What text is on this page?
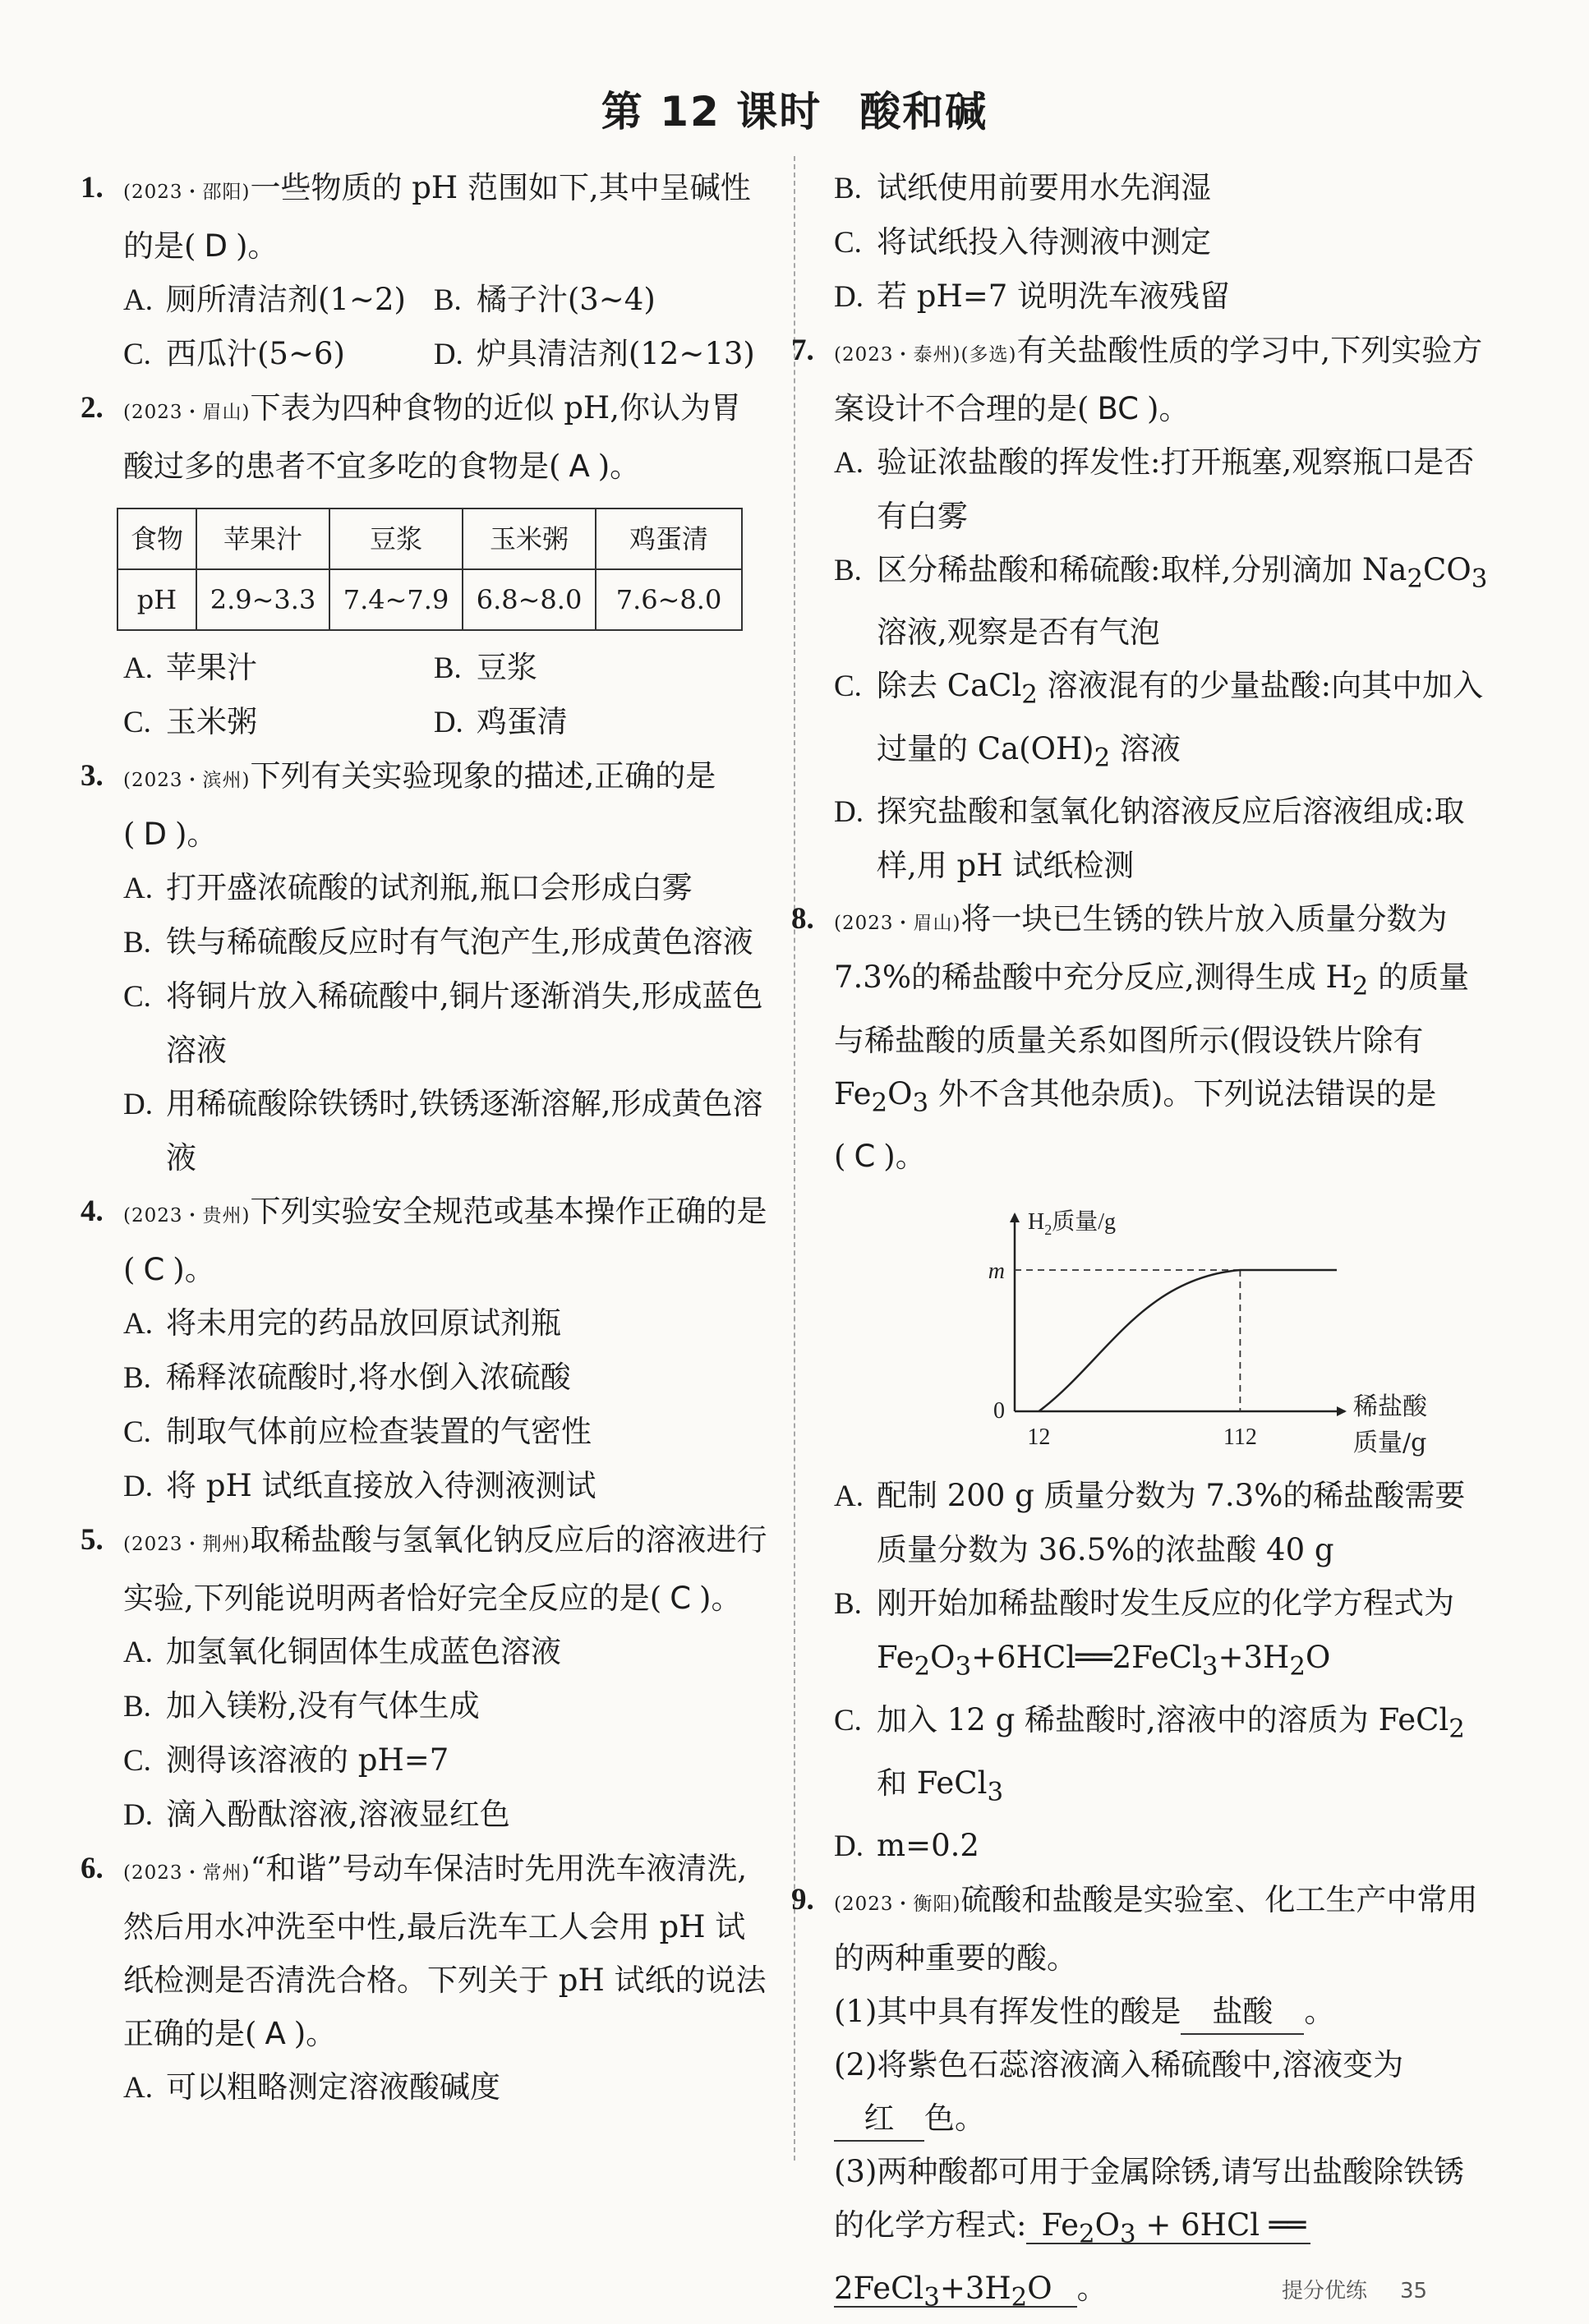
第 12 课时 酸和碱
1. (2023・邵阳)一些物质的 pH 范围如下,其中呈碱性的是( D )。
A. 厕所清洁剂(1~2) B. 橘子汁(3~4)
C. 西瓜汁(5~6)	D. 炉具清洁剂(12~13)
2. (2023・眉山)下表为四种食物的近似 pH,你认为胃酸过多的患者不宜多吃的食物是( A )。
食物	苹果汁	豆浆	玉米粥	鸡蛋清
pH	2.9~3.3	7.4~7.9	6.8~8.0	7.6~8.0
A. 苹果汁	B. 豆浆
C. 玉米粥	D. 鸡蛋清
3. (2023・滨州)下列有关实验现象的描述,正确的是( D )。
A. 打开盛浓硫酸的试剂瓶,瓶口会形成白雾
B. 铁与稀硫酸反应时有气泡产生,形成黄色溶液
C. 将铜片放入稀硫酸中,铜片逐渐消失,形成蓝色溶液
D. 用稀硫酸除铁锈时,铁锈逐渐溶解,形成黄色溶液
4. (2023・贵州)下列实验安全规范或基本操作正确的是( C )。
A. 将未用完的药品放回原试剂瓶
B. 稀释浓硫酸时,将水倒入浓硫酸
C. 制取气体前应检查装置的气密性
D. 将 pH 试纸直接放入待测液测试
5. (2023・荆州)取稀盐酸与氢氧化钠反应后的溶液进行实验,下列能说明两者恰好完全反应的是( C )。
A. 加氢氧化铜固体生成蓝色溶液
B. 加入镁粉,没有气体生成
C. 测得该溶液的 pH=7
D. 滴入酚酞溶液,溶液显红色
6. (2023・常州)“和谐”号动车保洁时先用洗车液清洗,然后用水冲洗至中性,最后洗车工人会用 pH 试纸检测是否清洗合格。下列关于 pH 试纸的说法正确的是( A )。
A. 可以粗略测定溶液酸碱度
B. 试纸使用前要用水先润湿
C. 将试纸投入待测液中测定
D. 若 pH=7 说明洗车液残留
7. (2023・泰州)(多选)有关盐酸性质的学习中,下列实验方案设计不合理的是( BC )。
A. 验证浓盐酸的挥发性:打开瓶塞,观察瓶口是否有白雾
B. 区分稀盐酸和稀硫酸:取样,分别滴加 $Na_2CO_3$ 溶液,观察是否有气泡
C. 除去 CaCl$_2$ 溶液混有的少量盐酸:向其中加入过量的 $Ca(OH)_2$ 溶液
D. 探究盐酸和氢氧化钠溶液反应后溶液组成:取样,用 pH 试纸检测
8. (2023・眉山)将一块已生锈的铁片放入质量分数为 7.3%的稀盐酸中充分反应,测得生成 $H_2$ 的质量与稀盐酸的质量关系如图所示(假设铁片除有 $Fe_2O_3$ 外不含其他杂质)。下列说法错误的是( C )。
$H_2$质量/g
m
0
12	112
稀盐酸
质量/g
A. 配制 200 g 质量分数为 7.3%的稀盐酸需要质量分数为 36.5%的浓盐酸 40 g
B. 刚开始加稀盐酸时发生反应的化学方程式为 $Fe_2O_3+6HCl══2FeCl_3+3H_2O$
C. 加入 12 g 稀盐酸时,溶液中的溶质为 FeCl$_2$ 和 FeCl$_3$
D. m=0.2
9. (2023・衡阳)硫酸和盐酸是实验室、化工生产中常用的两种重要的酸。
(1)其中具有挥发性的酸是 盐酸 。
(2)将紫色石蕊溶液滴入稀硫酸中,溶液变为红 色。
(3)两种酸都可用于金属除锈,请写出盐酸除铁锈的化学方程式: $Fe_2O_3 + 6HCl$ ══
$2FeCl_3+3H_2O$ 。	提分优练 35
